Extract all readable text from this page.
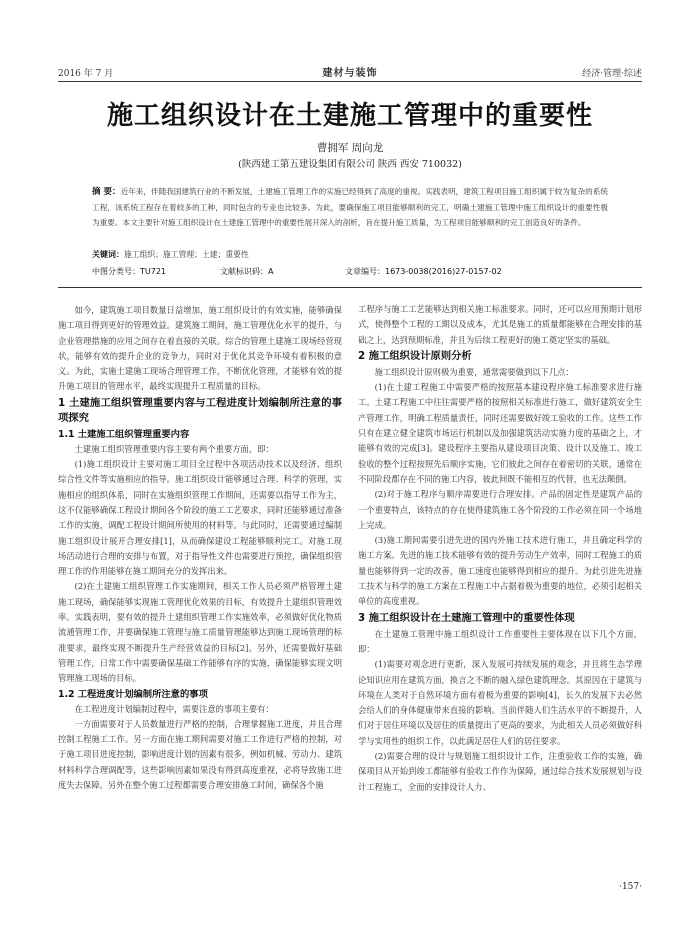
2016 年 7 月	建材与装饰	经济·管理·综述
施工组织设计在土建施工管理中的重要性
曹拥军 周向龙
(陕西建工第五建设集团有限公司 陕西 西安 710032)
摘 要：近年来，伴随我国建筑行业的不断发展，土建施工管理工作的实施已经得到了高度的重视。实践表明，建筑工程项目施工组织属于较为复杂的系统工程，该系统工程存在着较多的工种，同时包含的专业也比较多。为此，要确保施工项目能够顺利的完工，明确土建施工管理中施工组织设计的重要性极为重要。本文主要针对施工组织设计在土建施工管理中的重要性展开深入的剖析，旨在提升施工质量，为工程项目能够顺利的完工创造良好的条件。
关键词：施工组织；施工管理；土建；重要性
中图分类号：TU721	文献标识码：A	文章编号：1673-0038(2016)27-0157-02

如今，建筑施工项目数量日益增加，施工组织设计的有效实施，能够确保施工项目得到更好的管理效益。建筑施工期间，施工管理优化水平的提升，与企业管理措施的应用之间存在着直接的关联。综合的管理土建施工现场经营现状，能够有效的提升企业的竞争力，同时对于优化其竞争环境有着积极的意义。为此，实施土建施工现场合理管理工作，不断优化管理，才能够有效的提升施工项目的管理水平，最终实现提升工程质量的目标。

1 土建施工组织管理重要内容与工程进度计划编制所注意的事项探究
1.1 土建施工组织管理重要内容

土建施工组织管理重要内容主要有两个重要方面，即：

(1)施工组织设计主要对施工项目全过程中各项活动技术以及经济、组织综合性文件等实施相应的指导。施工组织设计能够通过合理、科学的管理，实施相应的组织体系，同时在实施组织管理工作期间，还需要以指导工作为主，这不仅能够确保工程设计期间各个阶段的施工工艺要求，同时还能够通过准备工作的实施，调配工程设计期间所使用的材料等。与此同时，还需要通过编制施工组织设计展开合理安排[1]，从而确保建设工程能够顺利完工。对施工现场活动进行合理的安排与布置，对于指导性文件也需要进行预控，确保组织管理工作的作用能够在施工期间充分的发挥出来。

(2)在土建施工组织管理工作实施期间，相关工作人员必须严格管理土建施工现场，确保能够实现施工管理优化效果的目标，有效提升土建组织管理效率。实践表明，要有效的提升土建组织管理工作实施效率，必须做好优化物质流通管理工作，并要确保施工管理与施工质量管理能够达到施工现场管理的标准要求，最终实现不断提升生产经营效益的目标[2]。另外，还需要做好基础管理工作，日常工作中需要确保基础工作能够有序的实施，确保能够实现文明管理施工现场的目标。

1.2 工程进度计划编制所注意的事项

在工程进度计划编制过程中，需要注意的事项主要有：

一方面需要对于人员数量进行严格的控制，合理掌握施工进度，并且合理控制工程施工工作。另一方面在施工期间需要对施工工作进行严格的控制，对于施工项目进度控制，影响进度计划的因素有很多，例如机械、劳动力、建筑材料科学合理调配等，这些影响因素如果没有得到高度重视，必将导致施工进度失去保障。另外在整个施工过程都需要合理安排施工时间，确保各个施

工程序与施工工艺能够达到相关施工标准要求。同时，还可以应用预期计划形式，使得整个工程的工期以及成本，尤其是施工的质量都能够在合理安排的基础之上，达到预期标准，并且为后续工程更好的施工奠定坚实的基础。

2 施工组织设计原则分析

施工组织设计原则极为重要，通常需要做到以下几点：

(1)在土建工程施工中需要严格的按照基本建设程序施工标准要求进行施工。土建工程施工中往往需要严格的按照相关标准进行施工，做好建筑安全生产管理工作，明确工程质量责任，同时还需要做好竣工验收的工作。这些工作只有在建立健全建筑市场运行机制以及加强建筑活动实施力度的基础之上，才能够有效的完成[3]。建设程序主要指从建设项目决策、设计以及施工、竣工验收的整个过程按照先后顺序实施，它们彼此之间存在着密切的关联，通常在不同阶段都存在不同的施工内容，彼此间既不能相互的代替，也无法颠倒。

(2)对于施工程序与顺序需要进行合理安排。产品的固定性是建筑产品的一个重要特点，该特点的存在使得建筑施工各个阶段的工作必须在同一个场地上完成。

(3)施工期间需要引进先进的国内外施工技术进行施工，并且确定科学的施工方案。先进的施工技术能够有效的提升劳动生产效率，同时工程施工的质量也能够得到一定的改善，施工速度也能够得到相应的提升。为此引进先进施工技术与科学的施工方案在工程施工中占据着极为重要的地位，必须引起相关单位的高度重视。

3 施工组织设计在土建施工管理中的重要性体现

在土建施工管理中施工组织设计工作重要性主要体现在以下几个方面，即：

(1)需要对观念进行更新，深入发展可持续发展的观念，并且将生态学理论知识应用在建筑方面，换言之不断的融入绿色建筑理念。其原因在于建筑与环境在人类对于自然环境方面有着极为重要的影响[4]，长久的发展下去必然会给人们的身体健康带来直接的影响。当前伴随人们生活水平的不断提升，人们对于居住环境以及居住的质量提出了更高的要求，为此相关人员必须做好科学与实用性的组织工作，以此满足居住人们的居住要求。

(2)需要合理的设计与规划施工组织设计工作，注重验收工作的实施，确保项目从开始到竣工都能够有验收工作作为保障，通过综合技术发展规划与设计工程施工，全面的安排设计人力、

·157·
